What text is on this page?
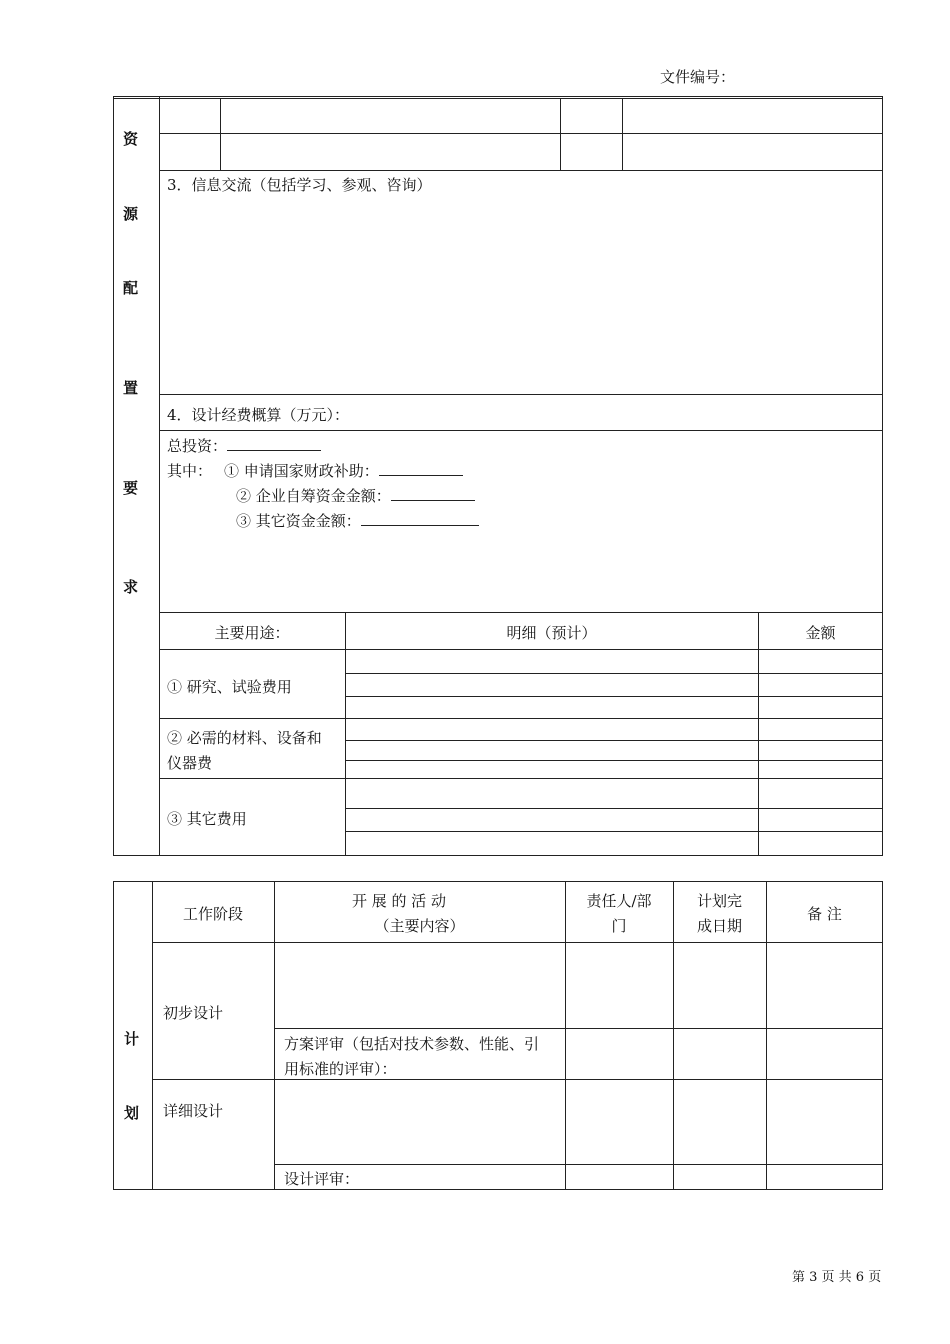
文件编号：
资
源
配
置
要
求
3．信息交流（包括学习、参观、咨询）
4．设计经费概算（万元）：
总投资：
其中： ① 申请国家财政补助：
② 企业自筹资金金额：
③ 其它资金金额：
主要用途：	明细（预计）	金额
① 研究、试验费用
② 必需的材料、设备和
仪器费
③ 其它费用
计
划
工作阶段
开 展 的 活 动
（主要内容）
责任人/部
门
计划完
成日期
备 注
初步设计
方案评审（包括对技术参数、性能、引
用标准的评审）：
详细设计
设计评审：
第 3 页 共 6 页
